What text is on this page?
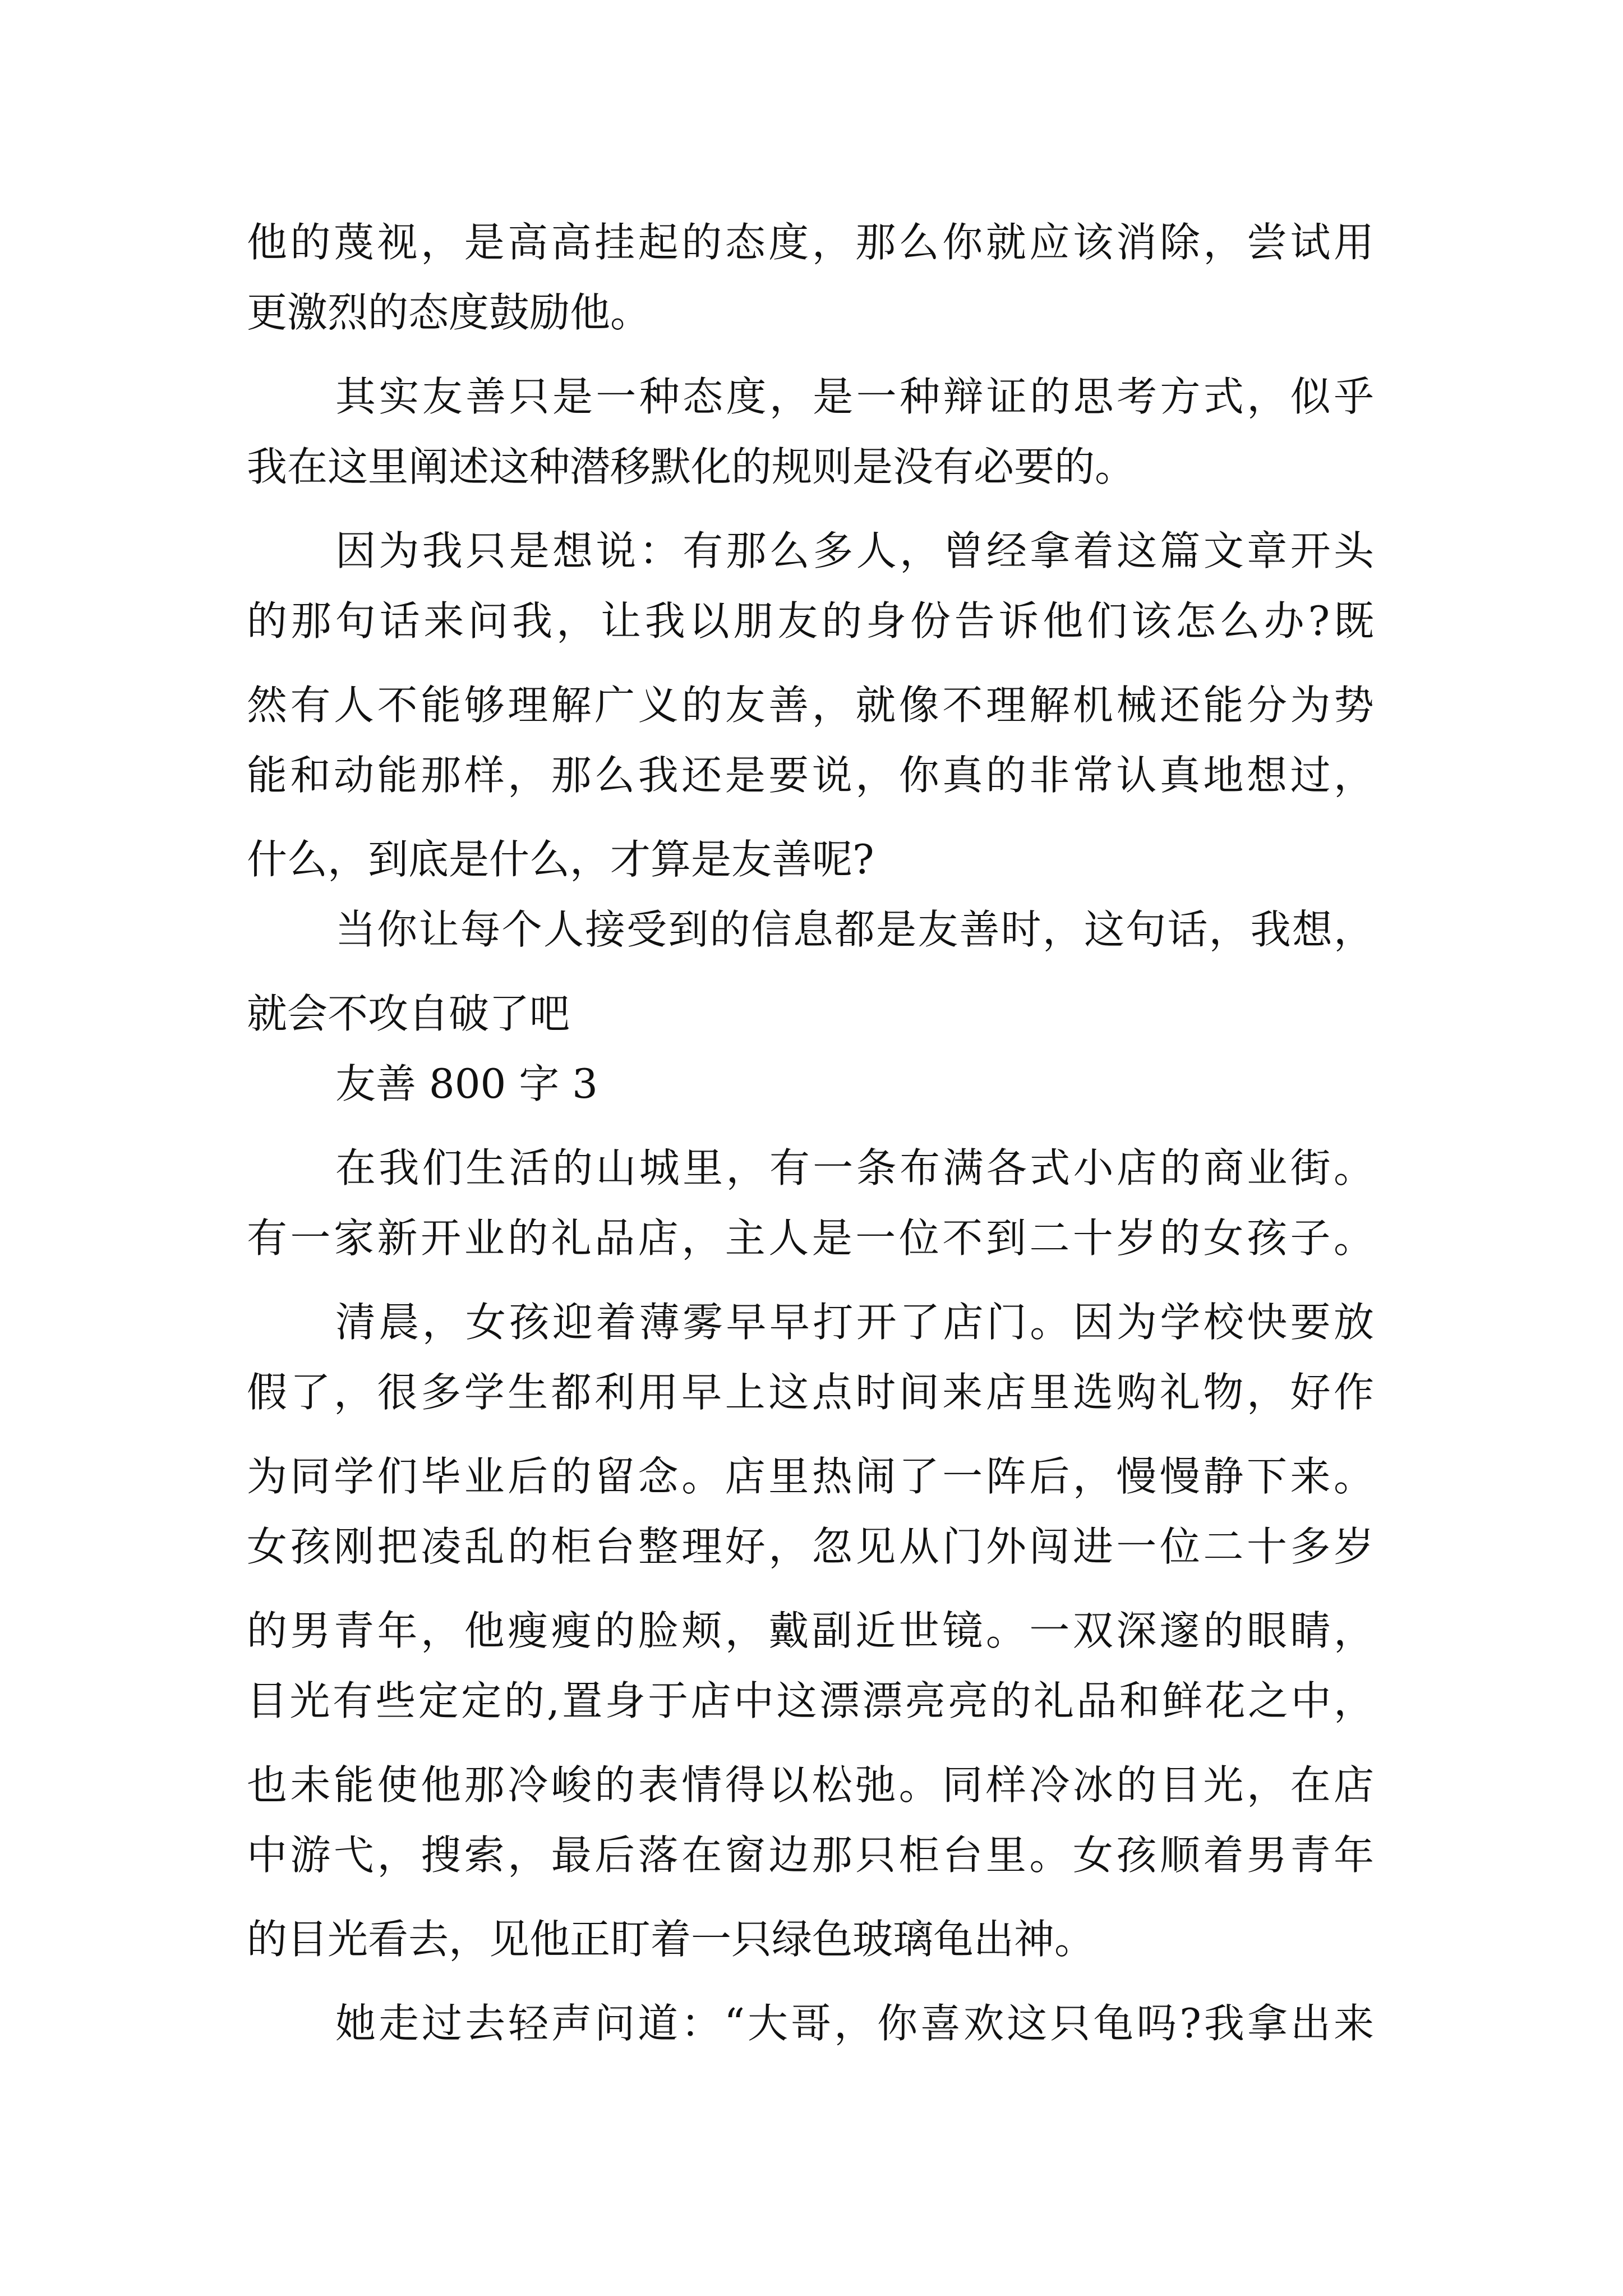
他的蔑视，是高高挂起的态度，那么你就应该消除，尝试用
更激烈的态度鼓励他。
其实友善只是一种态度，是一种辩证的思考方式，似乎
我在这里阐述这种潜移默化的规则是没有必要的。
因为我只是想说：有那么多人，曾经拿着这篇文章开头
的那句话来问我，让我以朋友的身份告诉他们该怎么办?既
然有人不能够理解广义的友善，就像不理解机械还能分为势
能和动能那样，那么我还是要说，你真的非常认真地想过，
什么，到底是什么，才算是友善呢?
当你让每个人接受到的信息都是友善时，这句话，我想，
就会不攻自破了吧
友善 800 字 3
在我们生活的山城里，有一条布满各式小店的商业街。
有一家新开业的礼品店，主人是一位不到二十岁的女孩子。
清晨，女孩迎着薄雾早早打开了店门。因为学校快要放
假了，很多学生都利用早上这点时间来店里选购礼物，好作
为同学们毕业后的留念。店里热闹了一阵后，慢慢静下来。
女孩刚把凌乱的柜台整理好，忽见从门外闯进一位二十多岁
的男青年，他瘦瘦的脸颊，戴副近世镜。一双深邃的眼睛，
目光有些定定的,置身于店中这漂漂亮亮的礼品和鲜花之中，
也未能使他那冷峻的表情得以松弛。同样冷冰的目光，在店
中游弋，搜索，最后落在窗边那只柜台里。女孩顺着男青年
的目光看去，见他正盯着一只绿色玻璃龟出神。
她走过去轻声问道：“大哥，你喜欢这只龟吗?我拿出来
